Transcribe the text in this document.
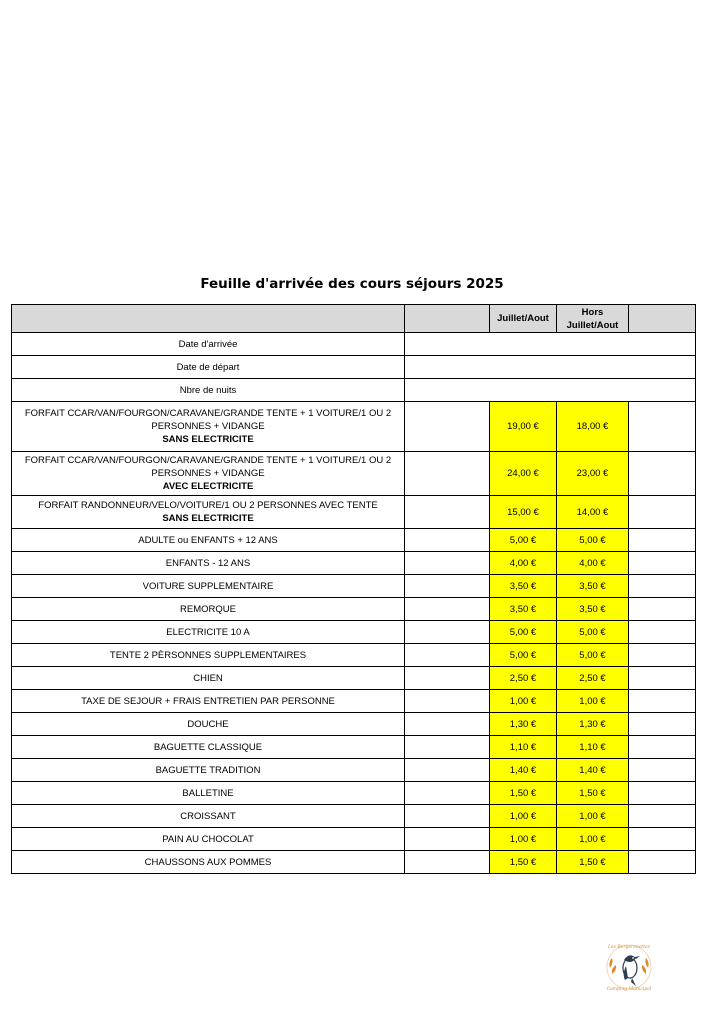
Feuille d'arrivée des cours séjours 2025
		Juillet/Aout	Hors Juillet/Aout	
Date d'arrivée				
Date de départ				
Nbre de nuits				
FORFAIT CCAR/VAN/FOURGON/CARAVANE/GRANDE TENTE + 1 VOITURE/1 OU 2 PERSONNES + VIDANGE
SANS ELECTRICITE		19,00 €	18,00 €	
FORFAIT CCAR/VAN/FOURGON/CARAVANE/GRANDE TENTE + 1 VOITURE/1 OU 2 PERSONNES + VIDANGE
AVEC ELECTRICITE		24,00 €	23,00 €	
FORFAIT RANDONNEUR/VELO/VOITURE/1 OU 2 PERSONNES AVEC TENTE
SANS ELECTRICITE		15,00 €	14,00 €	
ADULTE ou ENFANTS + 12 ANS		5,00 €	5,00 €	
ENFANTS - 12 ANS		4,00 €	4,00 €	
VOITURE SUPPLEMENTAIRE		3,50 €	3,50 €	
REMORQUE		3,50 €	3,50 €	
ELECTRICITE 10 A		5,00 €	5,00 €	
TENTE 2 PÈRSONNES SUPPLEMENTAIRES		5,00 €	5,00 €	
CHIEN		2,50 €	2,50 €	
TAXE DE SEJOUR + FRAIS ENTRETIEN PAR PERSONNE		1,00 €	1,00 €	
DOUCHE		1,30 €	1,30 €	
BAGUETTE CLASSIQUE		1,10 €	1,10 €	
BAGUETTE TRADITION		1,40 €	1,40 €	
BALLETINE		1,50 €	1,50 €	
CROISSANT		1,00 €	1,00 €	
PAIN AU CHOCOLAT		1,00 €	1,00 €	
CHAUSSONS AUX POMMES		1,50 €	1,50 €	
Les Bergeronettes
Camping Municipal
